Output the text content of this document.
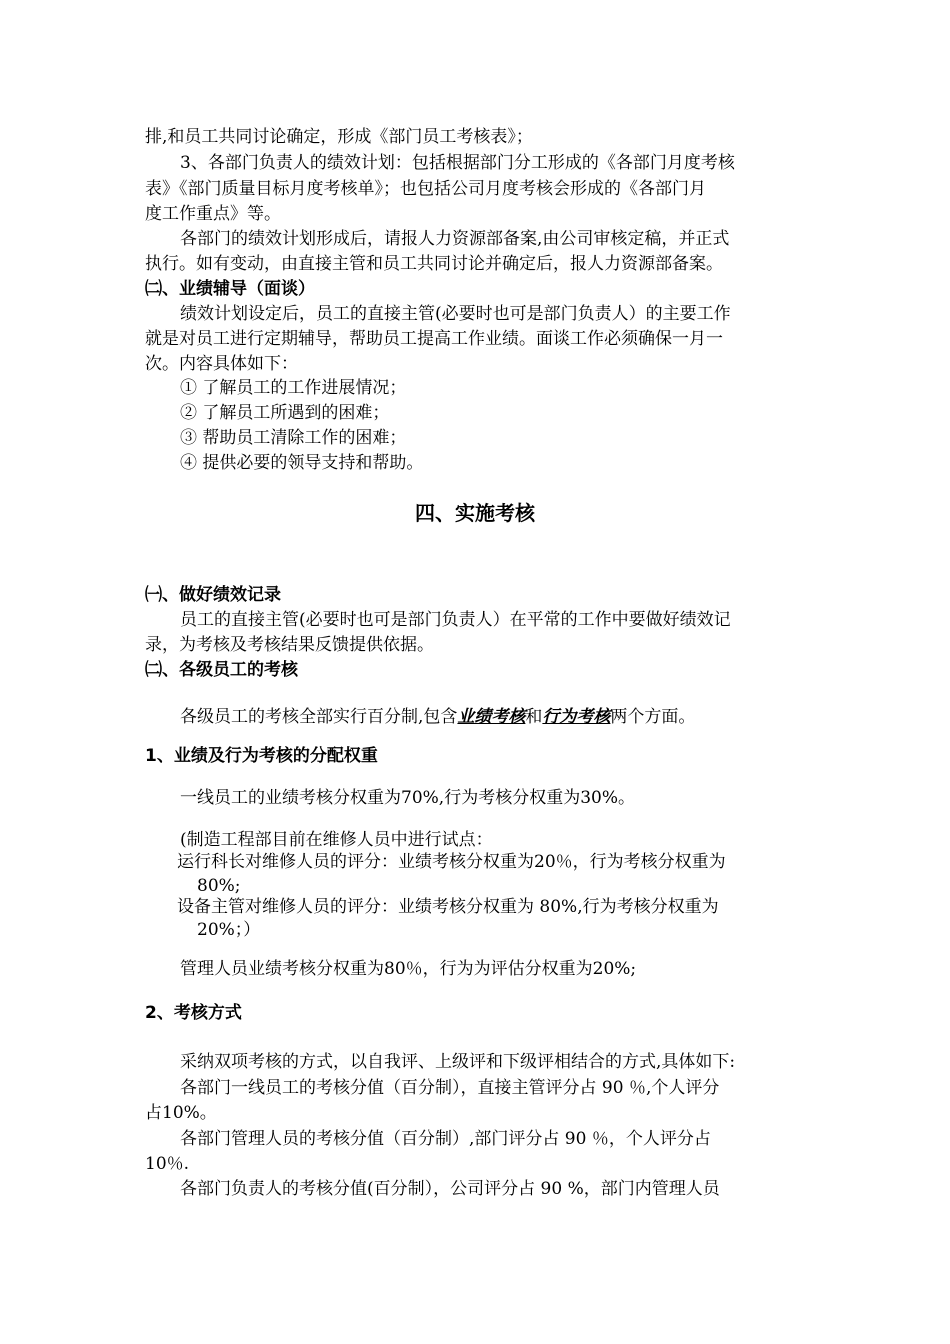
排,和员工共同讨论确定，形成《部门员工考核表》；
3、各部门负责人的绩效计划：包括根据部门分工形成的《各部门月度考核
表》《部门质量目标月度考核单》；也包括公司月度考核会形成的《各部门月
度工作重点》等。
各部门的绩效计划形成后，请报人力资源部备案,由公司审核定稿，并正式
执行。如有变动，由直接主管和员工共同讨论并确定后，报人力资源部备案。
㈡、业绩辅导（面谈）
绩效计划设定后，员工的直接主管(必要时也可是部门负责人）的主要工作
就是对员工进行定期辅导，帮助员工提高工作业绩。面谈工作必须确保一月一
次。内容具体如下：
① 了解员工的工作进展情况；
② 了解员工所遇到的困难；
③ 帮助员工清除工作的困难；
④ 提供必要的领导支持和帮助。
四、实施考核
㈠、做好绩效记录
员工的直接主管(必要时也可是部门负责人）在平常的工作中要做好绩效记
录，为考核及考核结果反馈提供依据。
㈡、各级员工的考核
各级员工的考核全部实行百分制,包含业绩考核和行为考核两个方面。
1、业绩及行为考核的分配权重
一线员工的业绩考核分权重为70%,行为考核分权重为30%。
(制造工程部目前在维修人员中进行试点：
运行科长对维修人员的评分：业绩考核分权重为20％，行为考核分权重为
80%;
设备主管对维修人员的评分：业绩考核分权重为 80%,行为考核分权重为
20%；）
管理人员业绩考核分权重为80％，行为为评估分权重为20%;
2、考核方式
采纳双项考核的方式，以自我评、上级评和下级评相结合的方式,具体如下:
各部门一线员工的考核分值（百分制），直接主管评分占 90 ％,个人评分
占10%。
各部门管理人员的考核分值（百分制）,部门评分占 90 ％，个人评分占
10％.
各部门负责人的考核分值(百分制），公司评分占 90 %，部门内管理人员
